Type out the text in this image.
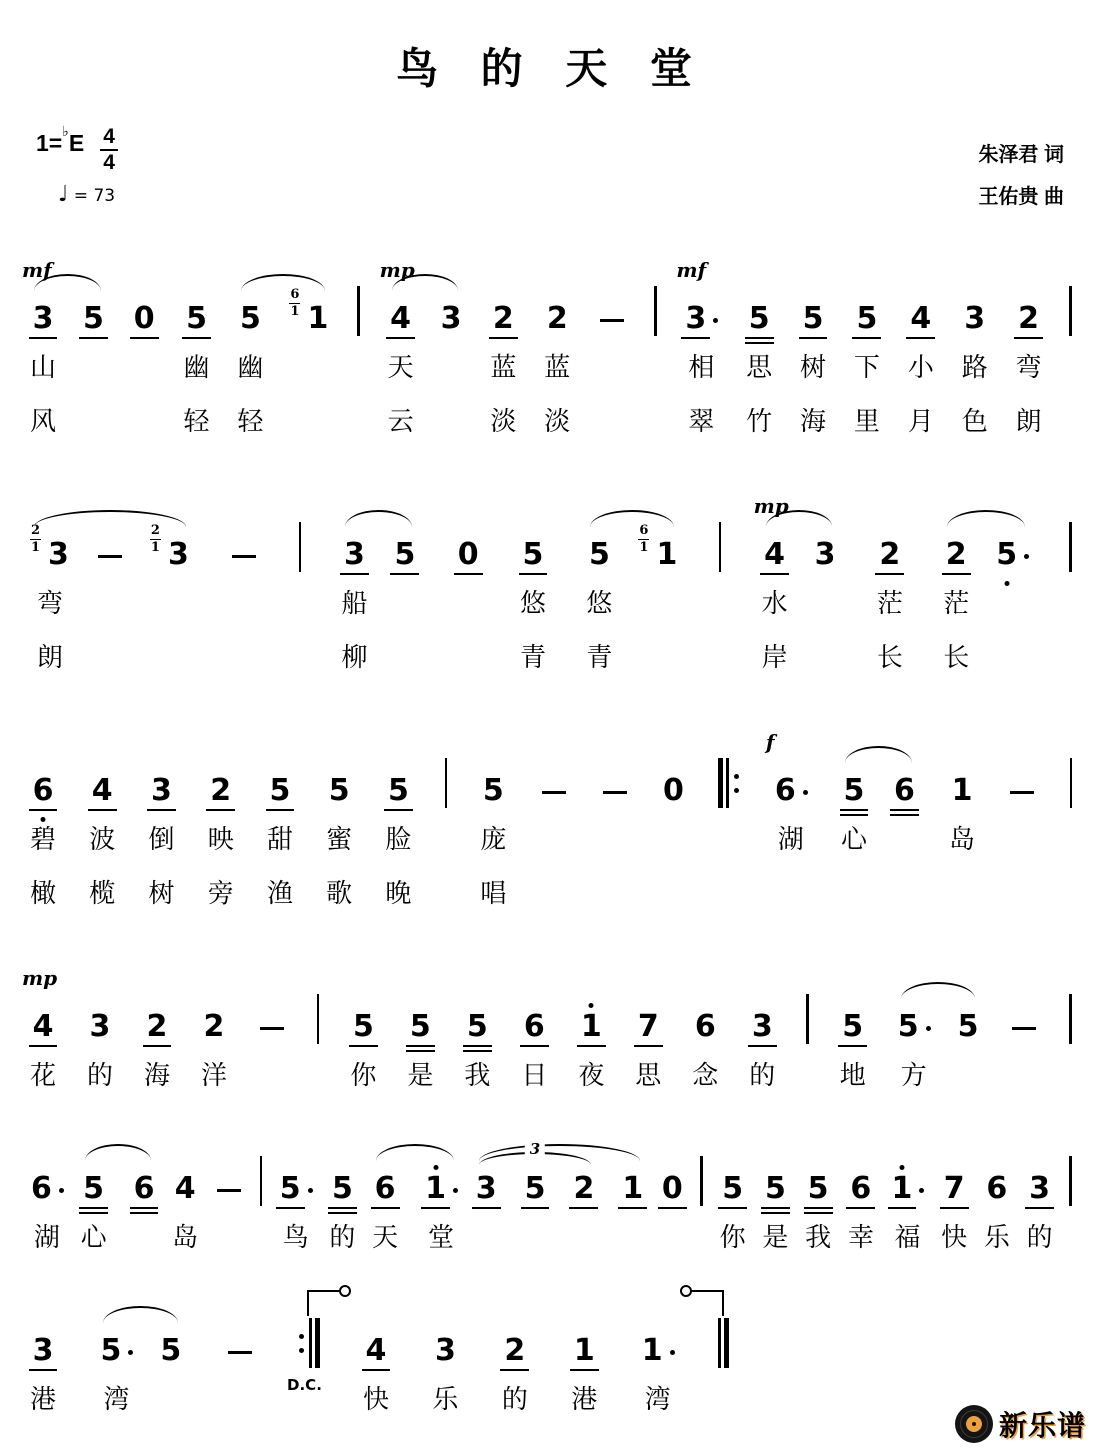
鸟 的 天 堂
1= ♭ E $\frac{4}{4}$
♩ = 73
朱泽君 词
王佑贵 曲
mf
3
山
风
5

0

5
幽
轻
5
幽
轻
6
1 1

mp
4
天
云
3

2
蓝
淡
2
蓝
淡

mf
3
相
翠
5
思
竹
5
树
海
5
下
里
4
小
月
3
路
色
2
弯
朗
2
1 3
弯
朗

2
1 3

	3
船
柳
5

0

5
悠
青
5
悠
青
6
1 1

mp
4
水
岸
3

2
茫
长
2
茫
长
5

6
碧
橄
4
波
榄
3
倒
树
2
映
旁
5
甜
渔
5
蜜
歌
5
脸
晚
5
庞
唱

0

f
6
湖

5
心

6

1
岛

mp
4
花
3
的
2
海
2
洋

5
你
5
是
5
我
6
日
1
夜
7
思
6
念
3
的
5
地
5
方
5

6
湖
5
心
6
4
岛

5
鸟
5
的
6
天
1
堂
3
3
5
2
1
0
5
你
5
是
5
我
6
幸
1
福
7
快
6
乐
3
的
3
港
5
湾
5

D.C.
4
快
3
乐
2
的
1
港
1
湾
新乐谱
